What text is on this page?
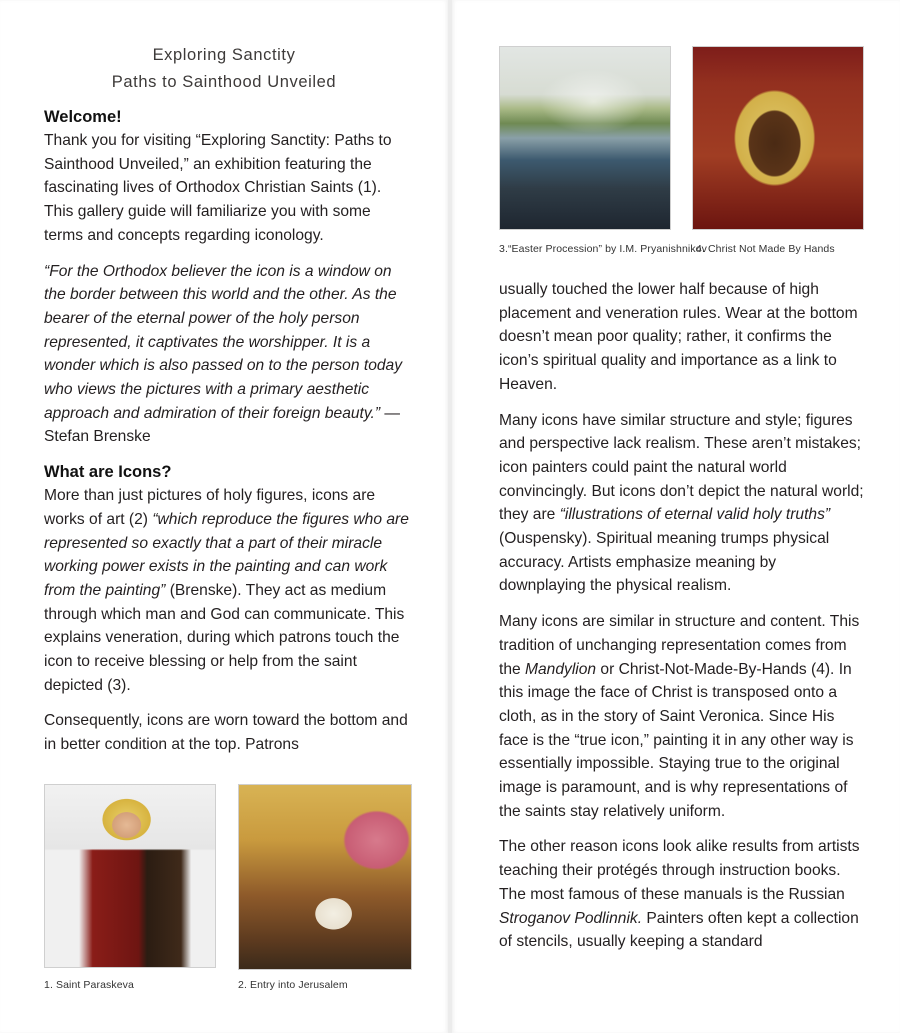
Exploring Sanctity
Paths to Sainthood Unveiled

Welcome!

Thank you for visiting “Exploring Sanctity: Paths to Sainthood Unveiled,” an exhibition featuring the fascinating lives of Orthodox Christian Saints (1). This gallery guide will familiarize you with some terms and concepts regarding iconology.

“For the Orthodox believer the icon is a window on the border between this world and the other. As the bearer of the eternal power of the holy person represented, it captivates the worshipper. It is a wonder which is also passed on to the person today who views the pictures with a primary aesthetic approach and admiration of their foreign beauty.” —Stefan Brenske

What are Icons?

More than just pictures of holy figures, icons are works of art (2) “which reproduce the figures who are represented so exactly that a part of their miracle working power exists in the painting and can work from the painting” (Brenske). They act as medium through which man and God can communicate. This explains veneration, during which patrons touch the icon to receive blessing or help from the saint depicted (3).

Consequently, icons are worn toward the bottom and in better condition at the top. Patrons

1. Saint Paraskeva	2. Entry into Jerusalem
3.“Easter Procession” by I.M. Pryanishnikov
4. Christ Not Made By Hands

usually touched the lower half because of high placement and veneration rules. Wear at the bottom doesn’t mean poor quality; rather, it confirms the icon’s spiritual quality and importance as a link to Heaven.

Many icons have similar structure and style; figures and perspective lack realism. These aren’t mistakes; icon painters could paint the natural world convincingly. But icons don’t depict the natural world; they are “illustrations of eternal valid holy truths” (Ouspensky). Spiritual meaning trumps physical accuracy. Artists emphasize meaning by downplaying the physical realism.

Many icons are similar in structure and content. This tradition of unchanging representation comes from the Mandylion or Christ-Not-Made-By-Hands (4). In this image the face of Christ is transposed onto a cloth, as in the story of Saint Veronica. Since His face is the “true icon,” painting it in any other way is essentially impossible. Staying true to the original image is paramount, and is why representations of the saints stay relatively uniform.

The other reason icons look alike results from artists teaching their protégés through instruction books. The most famous of these manuals is the Russian Stroganov Podlinnik. Painters often kept a collection of stencils, usually keeping a standard
